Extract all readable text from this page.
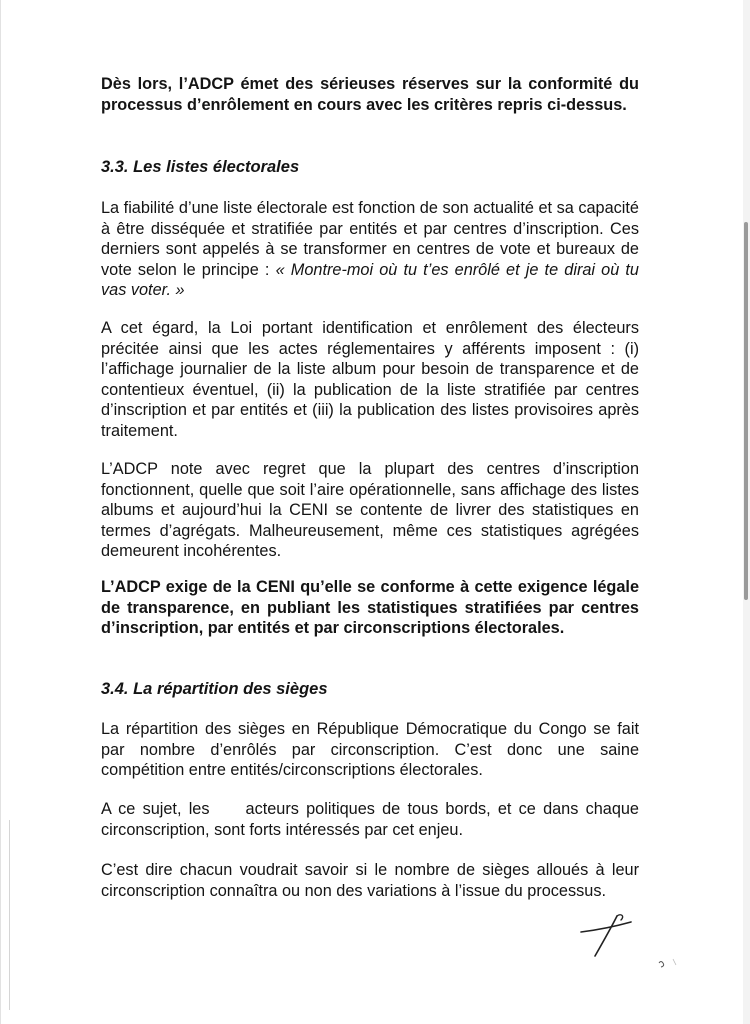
Dès lors, l’ADCP émet des sérieuses réserves sur la conformité du processus d’enrôlement en cours avec les critères repris ci-dessus.
3.3. Les listes électorales
La fiabilité d’une liste électorale est fonction de son actualité et sa capacité à être disséquée et stratifiée par entités et par centres d’inscription. Ces derniers sont appelés à se transformer en centres de vote et bureaux de vote selon le principe : « Montre-moi où tu t’es enrôlé et je te dirai où tu vas voter. »
A cet égard, la Loi portant identification et enrôlement des électeurs précitée ainsi que les actes réglementaires y afférents imposent : (i) l’affichage journalier de la liste album pour besoin de transparence et de contentieux éventuel, (ii) la publication de la liste stratifiée par centres d’inscription et par entités et (iii) la publication des listes provisoires après traitement.
L’ADCP note avec regret que la plupart des centres d’inscription fonctionnent, quelle que soit l’aire opérationnelle, sans affichage des listes albums et aujourd’hui la CENI se contente de livrer des statistiques en termes d’agrégats. Malheureusement, même ces statistiques agrégées demeurent incohérentes.
L’ADCP exige de la CENI qu’elle se conforme à cette exigence légale de transparence, en publiant les statistiques stratifiées par centres d’inscription, par entités et par circonscriptions électorales.
3.4. La répartition des sièges
La répartition des sièges en République Démocratique du Congo se fait par nombre d’enrôlés par circonscription. C’est donc une saine compétition entre entités/circonscriptions électorales.
A ce sujet, les     acteurs politiques de tous bords, et ce dans chaque circonscription, sont forts intéressés par cet enjeu.
C’est dire chacun voudrait savoir si le nombre de sièges alloués à leur circonscription connaîtra ou non des variations à l’issue du processus.
